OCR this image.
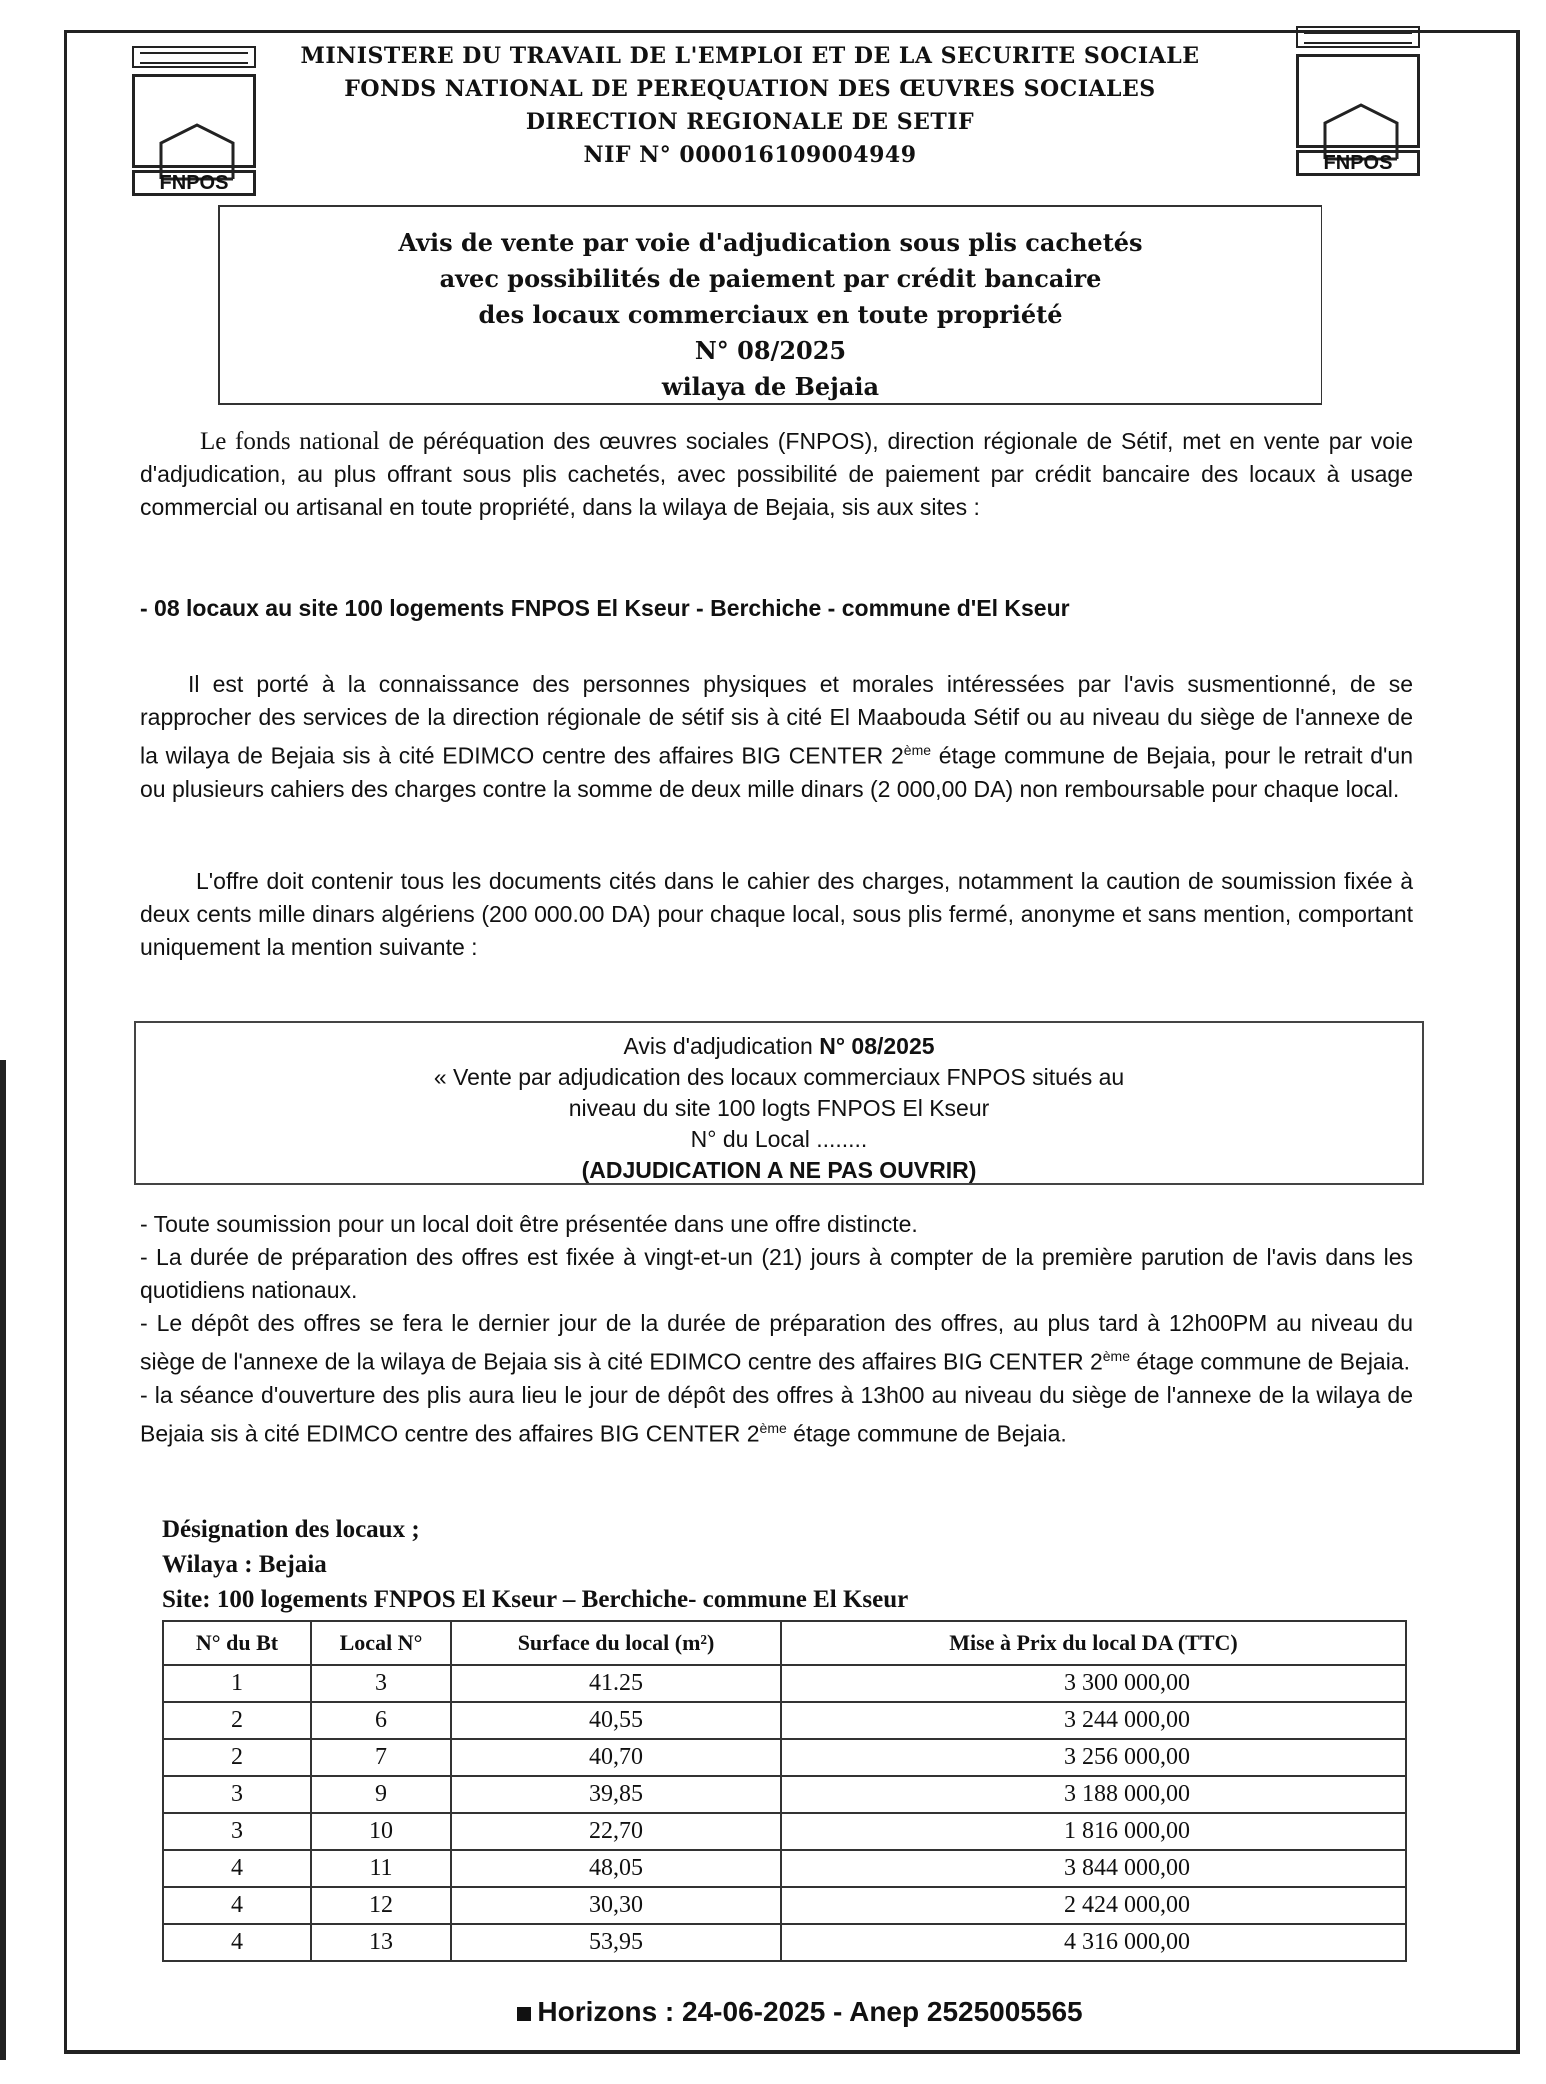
FNPOS
FNPOS
MINISTERE DU TRAVAIL DE L'EMPLOI ET DE LA SECURITE SOCIALE
FONDS NATIONAL DE PEREQUATION DES ŒUVRES SOCIALES
DIRECTION REGIONALE DE SETIF
NIF N° 000016109004949
Avis de vente par voie d'adjudication sous plis cachetés
avec possibilités de paiement par crédit bancaire
des locaux commerciaux en toute propriété
N° 08/2025
wilaya de Bejaia
Le fonds national de péréquation des œuvres sociales (FNPOS), direction régionale de Sétif, met en vente par voie d'adjudication, au plus offrant sous plis cachetés, avec possibilité de paiement par crédit bancaire des locaux à usage commercial ou artisanal en toute propriété, dans la wilaya de Bejaia, sis aux sites :
- 08 locaux au site 100 logements FNPOS El Kseur - Berchiche - commune d'El Kseur
Il est porté à la connaissance des personnes physiques et morales intéressées par l'avis susmentionné, de se rapprocher des services de la direction régionale de sétif sis à cité El Maabouda Sétif ou au niveau du siège de l'annexe de la wilaya de Bejaia sis à cité EDIMCO centre des affaires BIG CENTER 2ème étage commune de Bejaia, pour le retrait d'un ou plusieurs cahiers des charges contre la somme de deux mille dinars (2 000,00 DA) non remboursable pour chaque local.
L'offre doit contenir tous les documents cités dans le cahier des charges, notamment la caution de soumission fixée à deux cents mille dinars algériens (200 000.00 DA) pour chaque local, sous plis fermé, anonyme et sans mention, comportant uniquement la mention suivante :
Avis d'adjudication N° 08/2025
« Vente par adjudication des locaux commerciaux FNPOS situés au
niveau du site 100 logts FNPOS El Kseur
N° du Local ........
(ADJUDICATION A NE PAS OUVRIR)
- Toute soumission pour un local doit être présentée dans une offre distincte.
- La durée de préparation des offres est fixée à vingt-et-un (21) jours à compter de la première parution de l'avis dans les quotidiens nationaux.
- Le dépôt des offres se fera le dernier jour de la durée de préparation des offres, au plus tard à 12h00PM au niveau du siège de l'annexe de la wilaya de Bejaia sis à cité EDIMCO centre des affaires BIG CENTER 2ème étage commune de Bejaia.
- la séance d'ouverture des plis aura lieu le jour de dépôt des offres à 13h00 au niveau du siège de l'annexe de la wilaya de Bejaia sis à cité EDIMCO centre des affaires BIG CENTER 2ème étage commune de Bejaia.
Désignation des locaux ;
Wilaya : Bejaia
Site: 100 logements FNPOS El Kseur – Berchiche- commune El Kseur
N° du Bt	Local N°	Surface du local (m²)	Mise à Prix du local DA (TTC)
1	3	41.25	3 300 000,00
2	6	40,55	3 244 000,00
2	7	40,70	3 256 000,00
3	9	39,85	3 188 000,00
3	10	22,70	1 816 000,00
4	11	48,05	3 844 000,00
4	12	30,30	2 424 000,00
4	13	53,95	4 316 000,00
Horizons : 24-06-2025 - Anep 2525005565
